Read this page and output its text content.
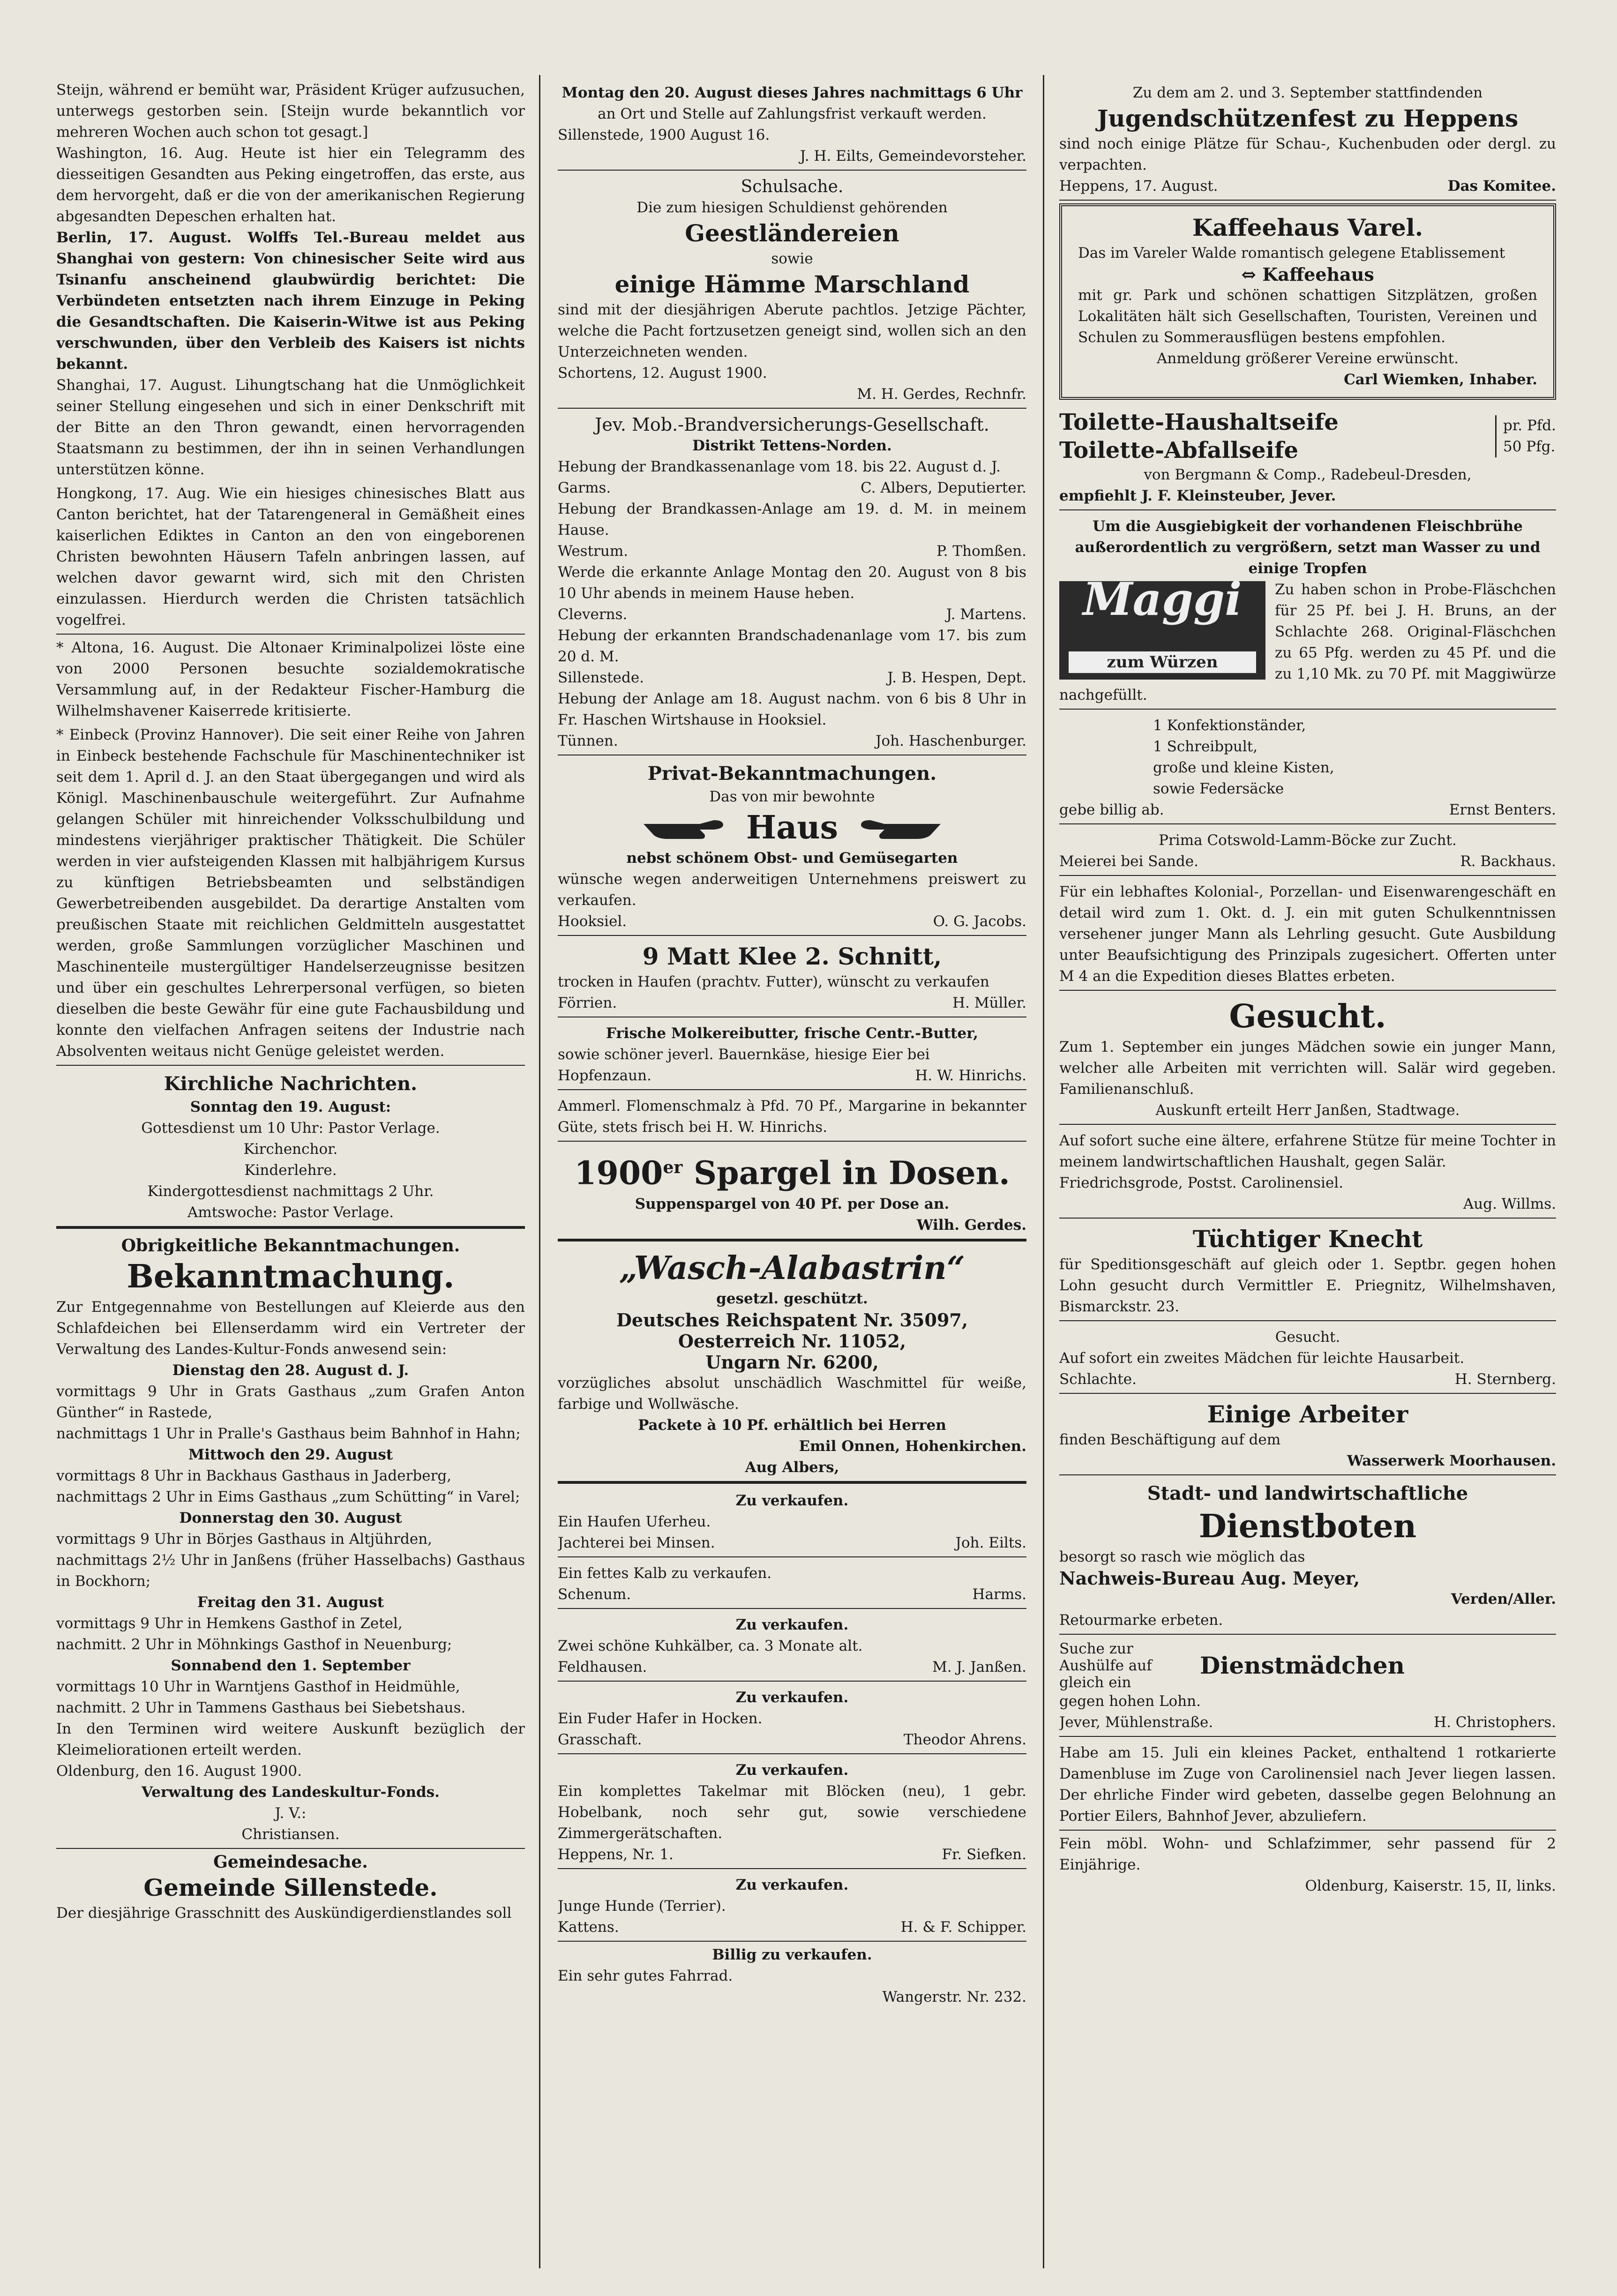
Steijn, während er bemüht war, Präsident Krüger aufzusuchen, unterwegs gestorben sein. [Steijn wurde bekanntlich vor mehreren Wochen auch schon tot gesagt.]

Washington, 16. Aug. Heute ist hier ein Telegramm des diesseitigen Gesandten aus Peking eingetroffen, das erste, aus dem hervorgeht, daß er die von der amerikanischen Regierung abgesandten Depeschen erhalten hat.

Berlin, 17. August. Wolffs Tel.-Bureau meldet aus Shanghai von gestern: Von chinesischer Seite wird aus Tsinanfu anscheinend glaubwürdig berichtet: Die Verbündeten entsetzten nach ihrem Einzuge in Peking die Gesandtschaften. Die Kaiserin-Witwe ist aus Peking verschwunden, über den Verbleib des Kaisers ist nichts bekannt.

Shanghai, 17. August. Lihungtschang hat die Unmöglichkeit seiner Stellung eingesehen und sich in einer Denkschrift mit der Bitte an den Thron gewandt, einen hervorragenden Staatsmann zu bestimmen, der ihn in seinen Verhandlungen unterstützen könne.

Hongkong, 17. Aug. Wie ein hiesiges chinesisches Blatt aus Canton berichtet, hat der Tatarengeneral in Gemäßheit eines kaiserlichen Ediktes in Canton an den von eingeborenen Christen bewohnten Häusern Tafeln anbringen lassen, auf welchen davor gewarnt wird, sich mit den Christen einzulassen. Hierdurch werden die Christen tatsächlich vogelfrei.

* Altona, 16. August. Die Altonaer Kriminalpolizei löste eine von 2000 Personen besuchte sozialdemokratische Versammlung auf, in der Redakteur Fischer-Hamburg die Wilhelmshavener Kaiserrede kritisierte.

* Einbeck (Provinz Hannover). Die seit einer Reihe von Jahren in Einbeck bestehende Fachschule für Maschinentechniker ist seit dem 1. April d. J. an den Staat übergegangen und wird als Königl. Maschinenbauschule weitergeführt. Zur Aufnahme gelangen Schüler mit hinreichender Volksschulbildung und mindestens vierjähriger praktischer Thätigkeit. Die Schüler werden in vier aufsteigenden Klassen mit halbjährigem Kursus zu künftigen Betriebsbeamten und selbständigen Gewerbetreibenden ausgebildet. Da derartige Anstalten vom preußischen Staate mit reichlichen Geldmitteln ausgestattet werden, große Sammlungen vorzüglicher Maschinen und Maschinenteile mustergültiger Handelserzeugnisse besitzen und über ein geschultes Lehrerpersonal verfügen, so bieten dieselben die beste Gewähr für eine gute Fachausbildung und konnte den vielfachen Anfragen seitens der Industrie nach Absolventen weitaus nicht Genüge geleistet werden.

Kirchliche Nachrichten.
Sonntag den 19. August:
Gottesdienst um 10 Uhr: Pastor Verlage.
Kirchenchor.
Kinderlehre.
Kindergottesdienst nachmittags 2 Uhr.
Amtswoche: Pastor Verlage.
Obrigkeitliche Bekanntmachungen.
Bekanntmachung.

Zur Entgegennahme von Bestellungen auf Kleierde aus den Schlafdeichen bei Ellenserdamm wird ein Vertreter der Verwaltung des Landes-Kultur-Fonds anwesend sein:

Dienstag den 28. August d. J.

vormittags 9 Uhr in Grats Gasthaus „zum Grafen Anton Günther“ in Rastede,

nachmittags 1 Uhr in Pralle's Gasthaus beim Bahnhof in Hahn;

Mittwoch den 29. August

vormittags 8 Uhr in Backhaus Gasthaus in Jaderberg,

nachmittags 2 Uhr in Eims Gasthaus „zum Schütting“ in Varel;

Donnerstag den 30. August

vormittags 9 Uhr in Börjes Gasthaus in Altjührden,

nachmittags 2½ Uhr in Janßens (früher Hasselbachs) Gasthaus in Bockhorn;

Freitag den 31. August

vormittags 9 Uhr in Hemkens Gasthof in Zetel,

nachmitt. 2 Uhr in Möhnkings Gasthof in Neuenburg;

Sonnabend den 1. September

vormittags 10 Uhr in Warntjens Gasthof in Heidmühle,

nachmitt. 2 Uhr in Tammens Gasthaus bei Siebetshaus.

In den Terminen wird weitere Auskunft bezüglich der Kleimeliorationen erteilt werden.

Oldenburg, den 16. August 1900.

Verwaltung des Landeskultur-Fonds.
J. V.:
Christiansen.
Gemeindesache.
Gemeinde Sillenstede.

Der diesjährige Grasschnitt des Auskündigerdienstlandes soll

Montag den 20. August dieses Jahres nachmittags 6 Uhr
an Ort und Stelle auf Zahlungsfrist verkauft werden.

Sillenstede, 1900 August 16.

J. H. Eilts, Gemeindevorsteher.
Schulsache.
Die zum hiesigen Schuldienst gehörenden
Geestländereien
sowie
einige Hämme Marschland

sind mit der diesjährigen Aberute pachtlos. Jetzige Pächter, welche die Pacht fortzusetzen geneigt sind, wollen sich an den Unterzeichneten wenden.

Schortens, 12. August 1900.

M. H. Gerdes, Rechnfr.
Jev. Mob.-Brandversicherungs-Gesellschaft.
Distrikt Tettens-Norden.

Hebung der Brandkassenanlage vom 18. bis 22. August d. J.

Garms.	C. Albers, Deputierter.

Hebung der Brandkassen-Anlage am 19. d. M. in meinem Hause.

Westrum.	P. Thomßen.

Werde die erkannte Anlage Montag den 20. August von 8 bis 10 Uhr abends in meinem Hause heben.

Cleverns.	J. Martens.

Hebung der erkannten Brandschadenanlage vom 17. bis zum 20 d. M.

Sillenstede.	J. B. Hespen, Dept.

Hebung der Anlage am 18. August nachm. von 6 bis 8 Uhr in Fr. Haschen Wirtshause in Hooksiel.

Tünnen.	Joh. Haschenburger.
Privat-Bekanntmachungen.
Das von mir bewohnte
Haus
nebst schönem Obst- und Gemüsegarten

wünsche wegen anderweitigen Unternehmens preiswert zu verkaufen.

Hooksiel.	O. G. Jacobs.
9 Matt Klee 2. Schnitt,

trocken in Haufen (prachtv. Futter), wünscht zu verkaufen

Förrien.	H. Müller.
Frische Molkereibutter, frische Centr.-Butter,

sowie schöner jeverl. Bauernkäse, hiesige Eier bei

Hopfenzaun.	H. W. Hinrichs.

Ammerl. Flomenschmalz à Pfd. 70 Pf., Margarine in bekannter Güte, stets frisch bei H. W. Hinrichs.

1900er Spargel in Dosen.
Suppenspargel von 40 Pf. per Dose an.
Wilh. Gerdes.
„Wasch-Alabastrin“
gesetzl. geschützt.
Deutsches Reichspatent Nr. 35097,
Oesterreich Nr. 11052,
Ungarn Nr. 6200,

vorzügliches absolut unschädlich Waschmittel für weiße, farbige und Wollwäsche.

Packete à 10 Pf. erhältlich bei Herren
Emil Onnen, Hohenkirchen.
Aug Albers,
Zu verkaufen.

Ein Haufen Uferheu.

Jachterei bei Minsen.	Joh. Eilts.

Ein fettes Kalb zu verkaufen.

Schenum.	Harms.
Zu verkaufen.

Zwei schöne Kuhkälber, ca. 3 Monate alt.

Feldhausen.	M. J. Janßen.
Zu verkaufen.

Ein Fuder Hafer in Hocken.

Grasschaft.	Theodor Ahrens.
Zu verkaufen.

Ein komplettes Takelmar mit Blöcken (neu), 1 gebr. Hobelbank, noch sehr gut, sowie verschiedene Zimmergerätschaften.

Heppens, Nr. 1.	Fr. Siefken.
Zu verkaufen.

Junge Hunde (Terrier).

Kattens.	H. & F. Schipper.
Billig zu verkaufen.

Ein sehr gutes Fahrrad.

Wangerstr. Nr. 232.
Zu dem am 2. und 3. September stattfindenden
Jugendschützenfest zu Heppens

sind noch einige Plätze für Schau-, Kuchenbuden oder dergl. zu verpachten.

Heppens, 17. August.	Das Komitee.
Kaffeehaus Varel.

Das im Vareler Walde romantisch gelegene Etablissement

⇔ Kaffeehaus

mit gr. Park und schönen schattigen Sitzplätzen, großen Lokalitäten hält sich Gesellschaften, Touristen, Vereinen und Schulen zu Sommerausflügen bestens empfohlen.

Anmeldung größerer Vereine erwünscht.
Carl Wiemken, Inhaber.
Toilette-Haushaltseife
Toilette-Abfallseife
pr. Pfd.
50 Pfg.
von Bergmann & Comp., Radebeul-Dresden,
empfiehlt J. F. Kleinsteuber, Jever.

Um die Ausgiebigkeit der vorhandenen Fleischbrühe außerordentlich zu vergrößern, setzt man Wasser zu und einige Tropfen

Maggi
zum Würzen

Zu haben schon in Probe-Fläschchen für 25 Pf. bei J. H. Bruns, an der Schlachte 268. Original-Fläschchen zu 65 Pfg. werden zu 45 Pf. und die zu 1,10 Mk. zu 70 Pf. mit Maggiwürze nachgefüllt.

1 Konfektionständer,
1 Schreibpult,
große und kleine Kisten,
sowie Federsäcke
gebe billig ab.	Ernst Benters.
Prima Cotswold-Lamm-Böcke zur Zucht.
Meierei bei Sande.	R. Backhaus.

Für ein lebhaftes Kolonial-, Porzellan- und Eisenwarengeschäft en detail wird zum 1. Okt. d. J. ein mit guten Schulkenntnissen versehener junger Mann als Lehrling gesucht. Gute Ausbildung unter Beaufsichtigung des Prinzipals zugesichert. Offerten unter M 4 an die Expedition dieses Blattes erbeten.

Gesucht.

Zum 1. September ein junges Mädchen sowie ein junger Mann, welcher alle Arbeiten mit verrichten will. Salär wird gegeben. Familienanschluß.

Auskunft erteilt Herr Janßen, Stadtwage.

Auf sofort suche eine ältere, erfahrene Stütze für meine Tochter in meinem landwirtschaftlichen Haushalt, gegen Salär.

Friedrichsgrode, Postst. Carolinensiel.

Aug. Willms.
Tüchtiger Knecht

für Speditionsgeschäft auf gleich oder 1. Septbr. gegen hohen Lohn gesucht durch Vermittler E. Priegnitz, Wilhelmshaven, Bismarckstr. 23.

Gesucht.

Auf sofort ein zweites Mädchen für leichte Hausarbeit.

Schlachte.	H. Sternberg.
Einige Arbeiter

finden Beschäftigung auf dem

Wasserwerk Moorhausen.
Stadt- und landwirtschaftliche
Dienstboten

besorgt so rasch wie möglich das

Nachweis-Bureau Aug. Meyer,
Verden/Aller.
Retourmarke erbeten.
Suche zur Aushülfe auf gleich ein
Dienstmädchen
gegen hohen Lohn.
Jever, Mühlenstraße.	H. Christophers.

Habe am 15. Juli ein kleines Packet, enthaltend 1 rotkarierte Damenbluse im Zuge von Carolinensiel nach Jever liegen lassen. Der ehrliche Finder wird gebeten, dasselbe gegen Belohnung an Portier Eilers, Bahnhof Jever, abzuliefern.

Fein möbl. Wohn- und Schlafzimmer, sehr passend für 2 Einjährige.

Oldenburg, Kaiserstr. 15, II, links.
